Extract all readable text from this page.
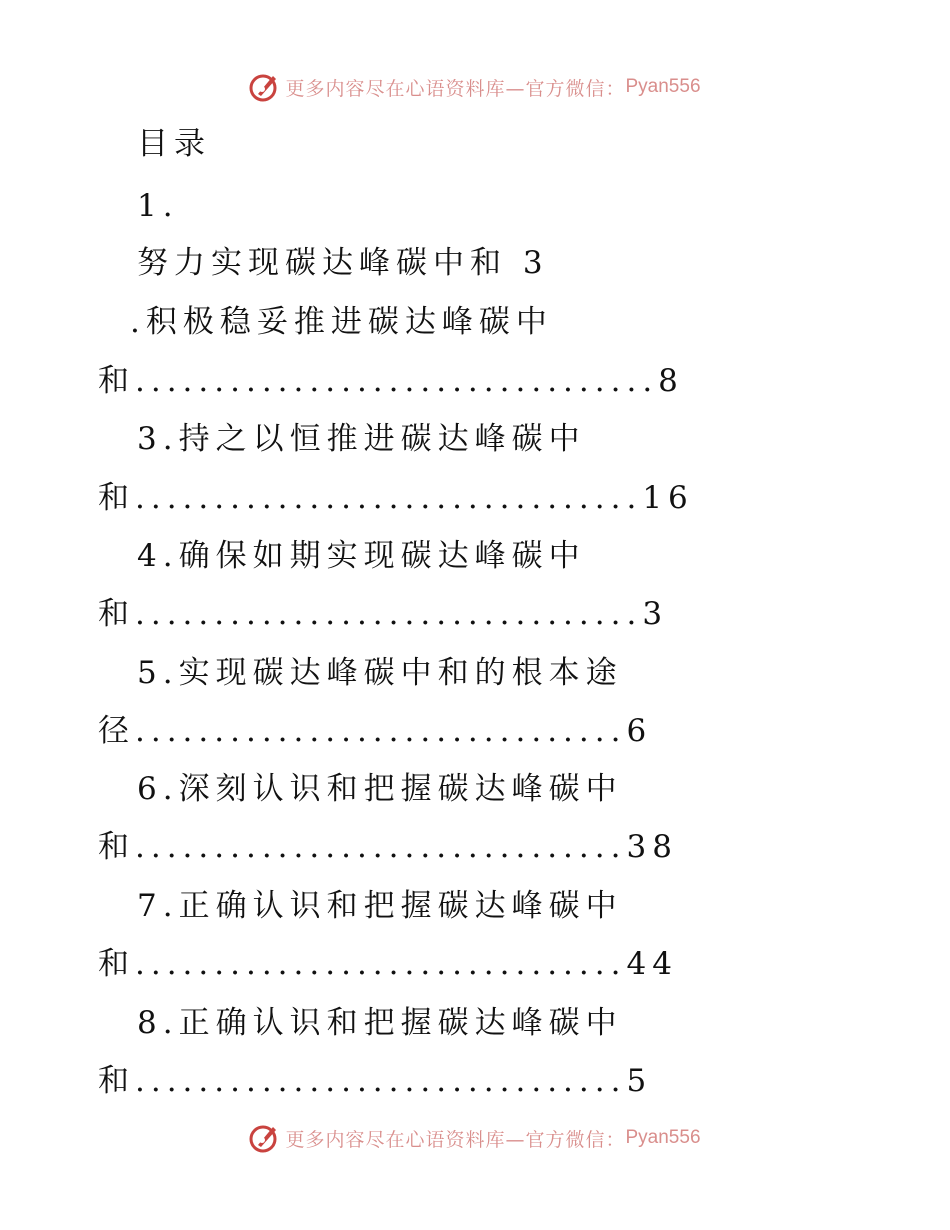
更多内容尽在心语资料库—官方微信： Pyan556
目录
1.
努力实现碳达峰碳中和 3
.积极稳妥推进碳达峰碳中
和.................................8
3.持之以恒推进碳达峰碳中
和................................16
4.确保如期实现碳达峰碳中
和................................3
5.实现碳达峰碳中和的根本途
径...............................6
6.深刻认识和把握碳达峰碳中
和...............................38
7.正确认识和把握碳达峰碳中
和...............................44
8.正确认识和把握碳达峰碳中
和...............................5
更多内容尽在心语资料库—官方微信： Pyan556
